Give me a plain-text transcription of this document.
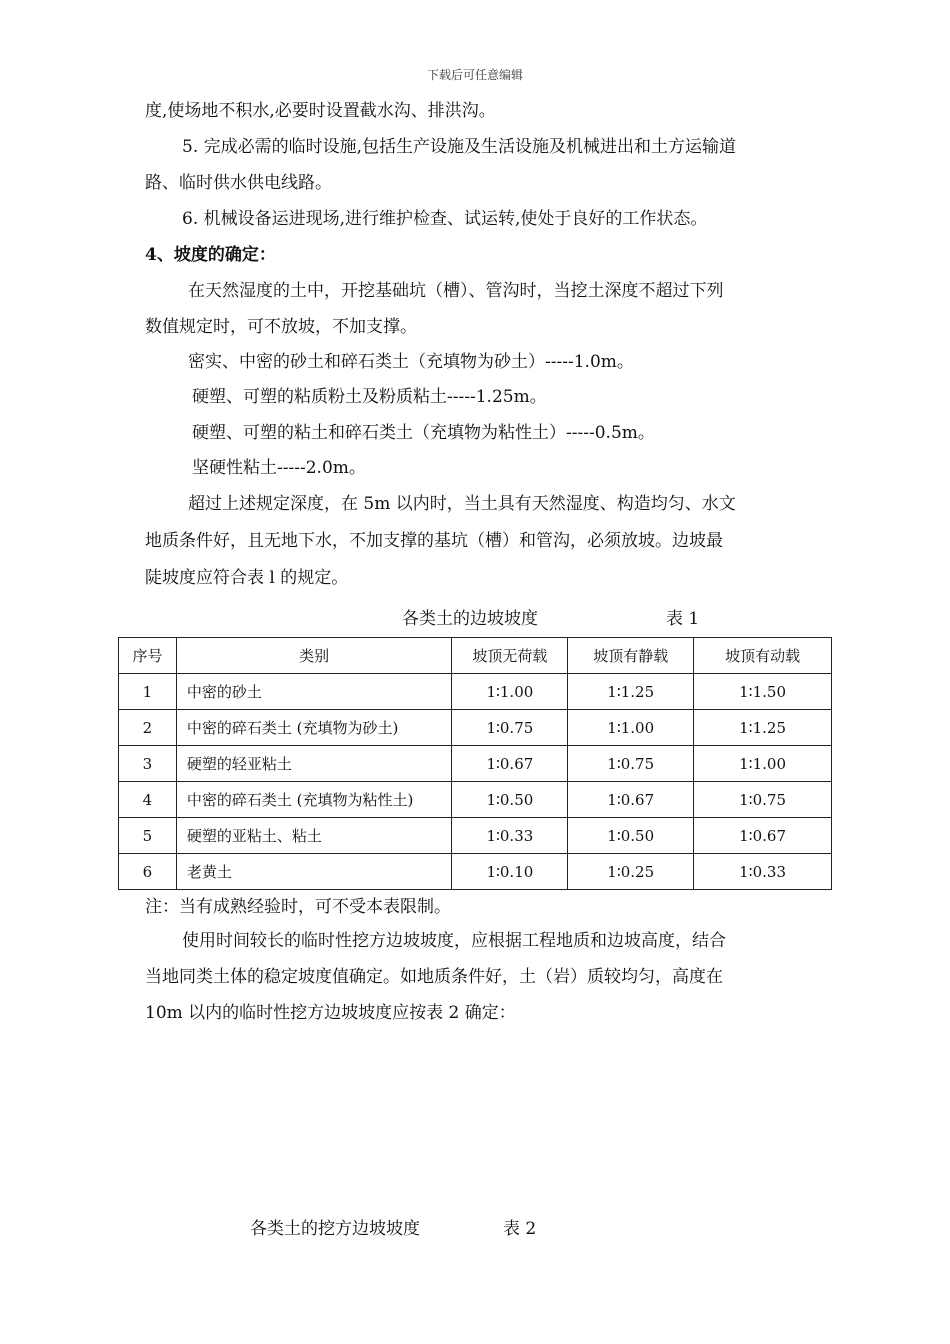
下载后可任意编辑
度,使场地不积水,必要时设置截水沟、排洪沟。
5. 完成必需的临时设施,包括生产设施及生活设施及机械进出和土方运输道
路、临时供水供电线路。
6. 机械设备运进现场,进行维护检查、试运转,使处于良好的工作状态。
4、坡度的确定：
在天然湿度的土中，开挖基础坑（槽）、管沟时，当挖土深度不超过下列
数值规定时，可不放坡，不加支撑。
密实、中密的砂土和碎石类土（充填物为砂土）-----1.0m。
硬塑、可塑的粘质粉土及粉质粘土-----1.25m。
硬塑、可塑的粘土和碎石类土（充填物为粘性土）-----0.5m。
坚硬性粘土-----2.0m。
超过上述规定深度，在 5m 以内时，当土具有天然湿度、构造均匀、水文
地质条件好，且无地下水，不加支撑的基坑（槽）和管沟，必须放坡。边坡最
陡坡度应符合表 l 的规定。
各类土的边坡坡度	表 1
序号	类别	坡顶无荷载	坡顶有静载	坡顶有动载
1	中密的砂土	1∶1.00	1∶1.25	1∶1.50
2	中密的碎石类土 (充填物为砂土)	1∶0.75	1∶1.00	1∶1.25
3	硬塑的轻亚粘土	1∶0.67	1∶0.75	1∶1.00
4	中密的碎石类土 (充填物为粘性土)	1∶0.50	1∶0.67	1∶0.75
5	硬塑的亚粘土、粘土	1∶0.33	1∶0.50	1∶0.67
6	老黄土	1∶0.10	1∶0.25	1∶0.33
注：当有成熟经验时，可不受本表限制。
使用时间较长的临时性挖方边坡坡度，应根据工程地质和边坡高度，结合
当地同类土体的稳定坡度值确定。如地质条件好，土（岩）质较均匀，高度在
10m 以内的临时性挖方边坡坡度应按表 2 确定：
各类土的挖方边坡坡度	表 2
